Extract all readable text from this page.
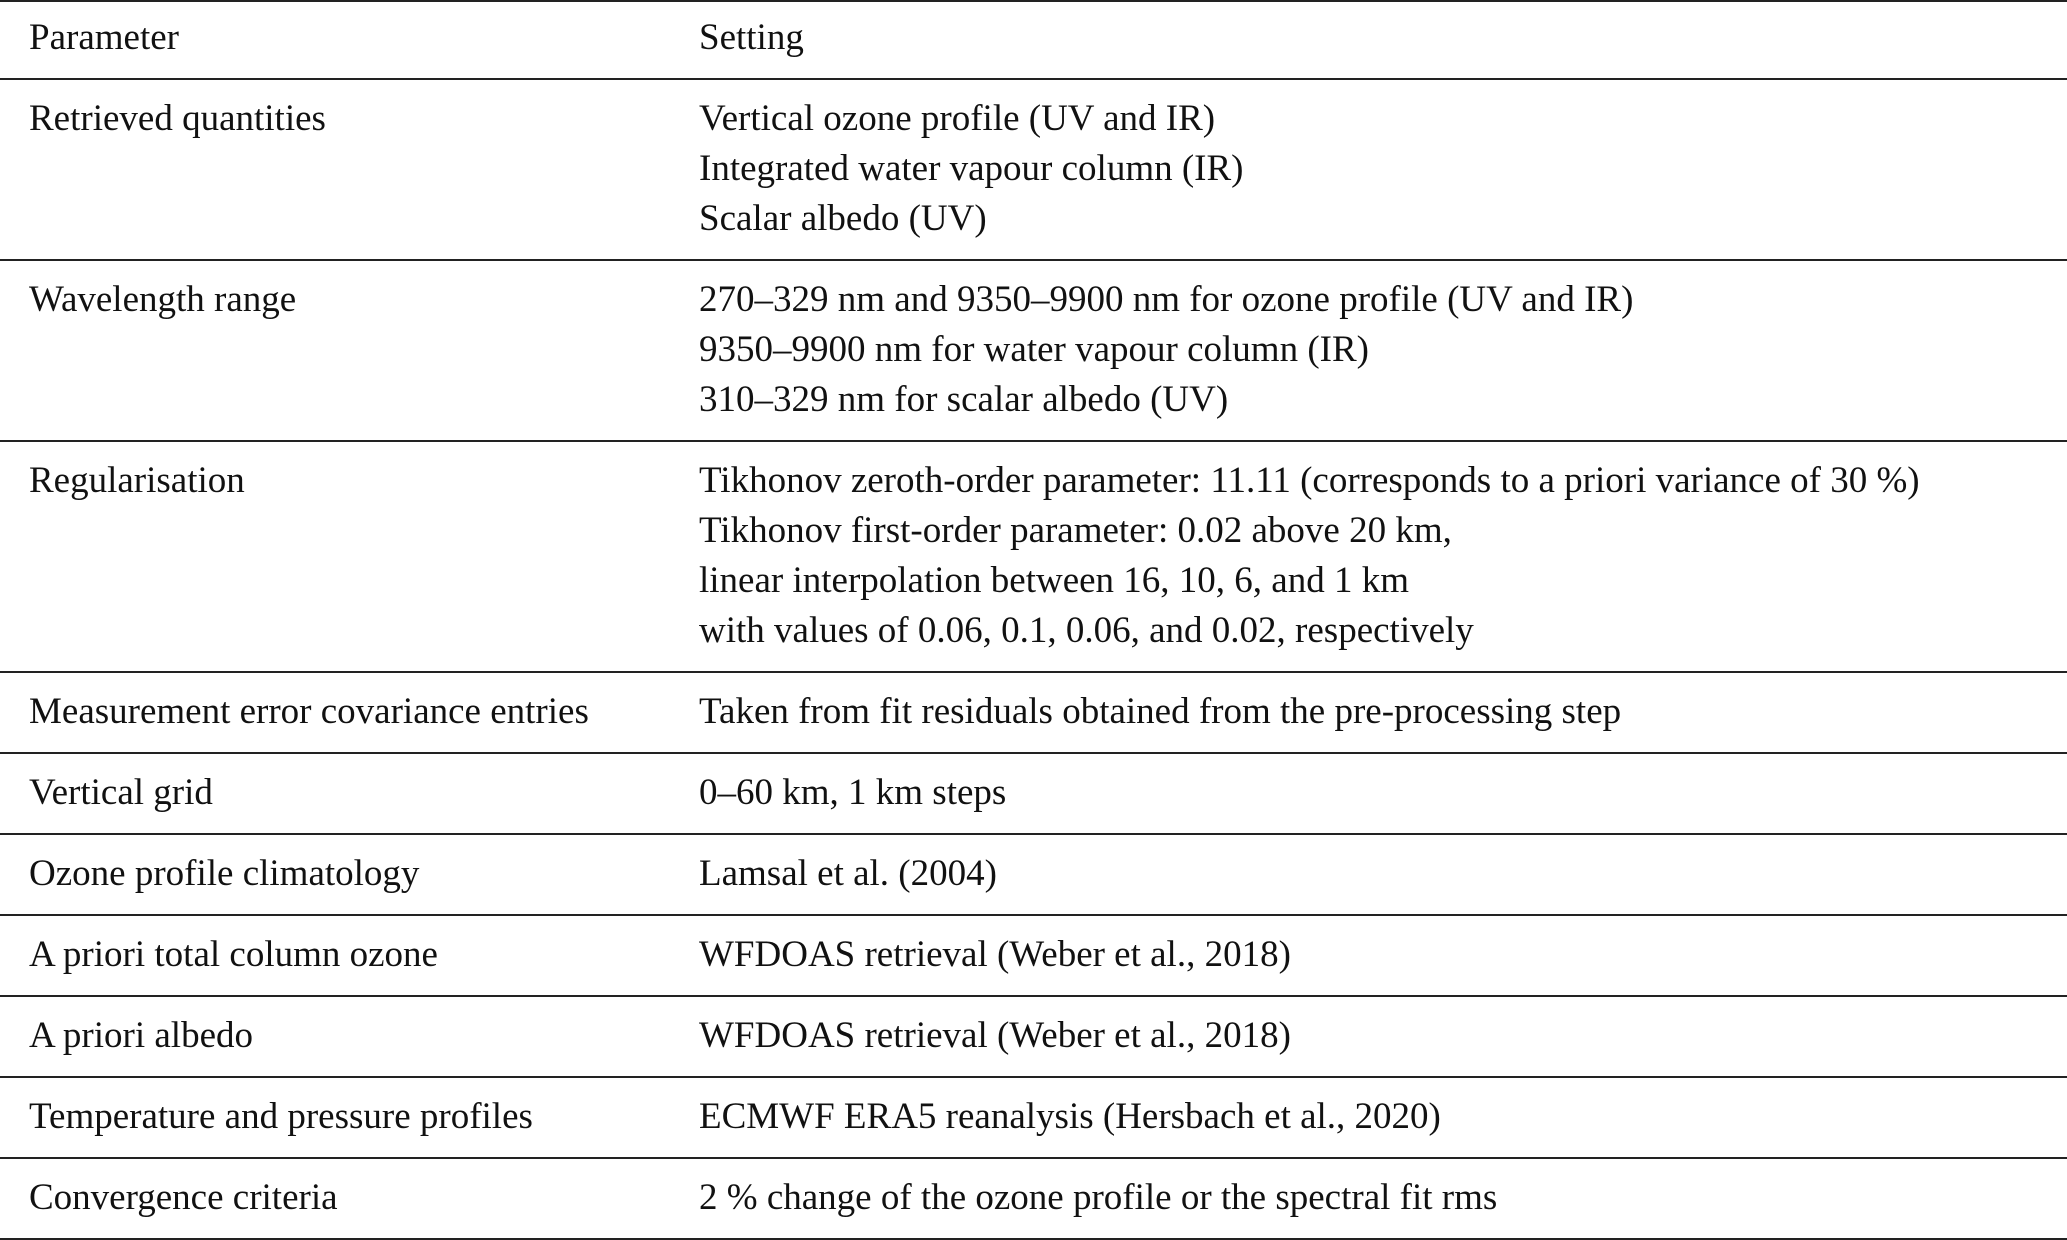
Parameter	Setting
Retrieved quantities	Vertical ozone profile (UV and IR)
Integrated water vapour column (IR)
Scalar albedo (UV)

Wavelength range	270–329 nm and 9350–9900 nm for ozone profile (UV and IR)
9350–9900 nm for water vapour column (IR)
310–329 nm for scalar albedo (UV)

Regularisation	Tikhonov zeroth-order parameter: 11.11 (corresponds to a priori variance of 30 %)
Tikhonov first-order parameter: 0.02 above 20 km,
linear interpolation between 16, 10, 6, and 1 km
with values of 0.06, 0.1, 0.06, and 0.02, respectively

Measurement error covariance entries	Taken from fit residuals obtained from the pre-processing step

Vertical grid	0–60 km, 1 km steps

Ozone profile climatology	Lamsal et al. (2004)

A priori total column ozone	WFDOAS retrieval (Weber et al., 2018)

A priori albedo	WFDOAS retrieval (Weber et al., 2018)

Temperature and pressure profiles	ECMWF ERA5 reanalysis (Hersbach et al., 2020)

Convergence criteria	2 % change of the ozone profile or the spectral fit rms
